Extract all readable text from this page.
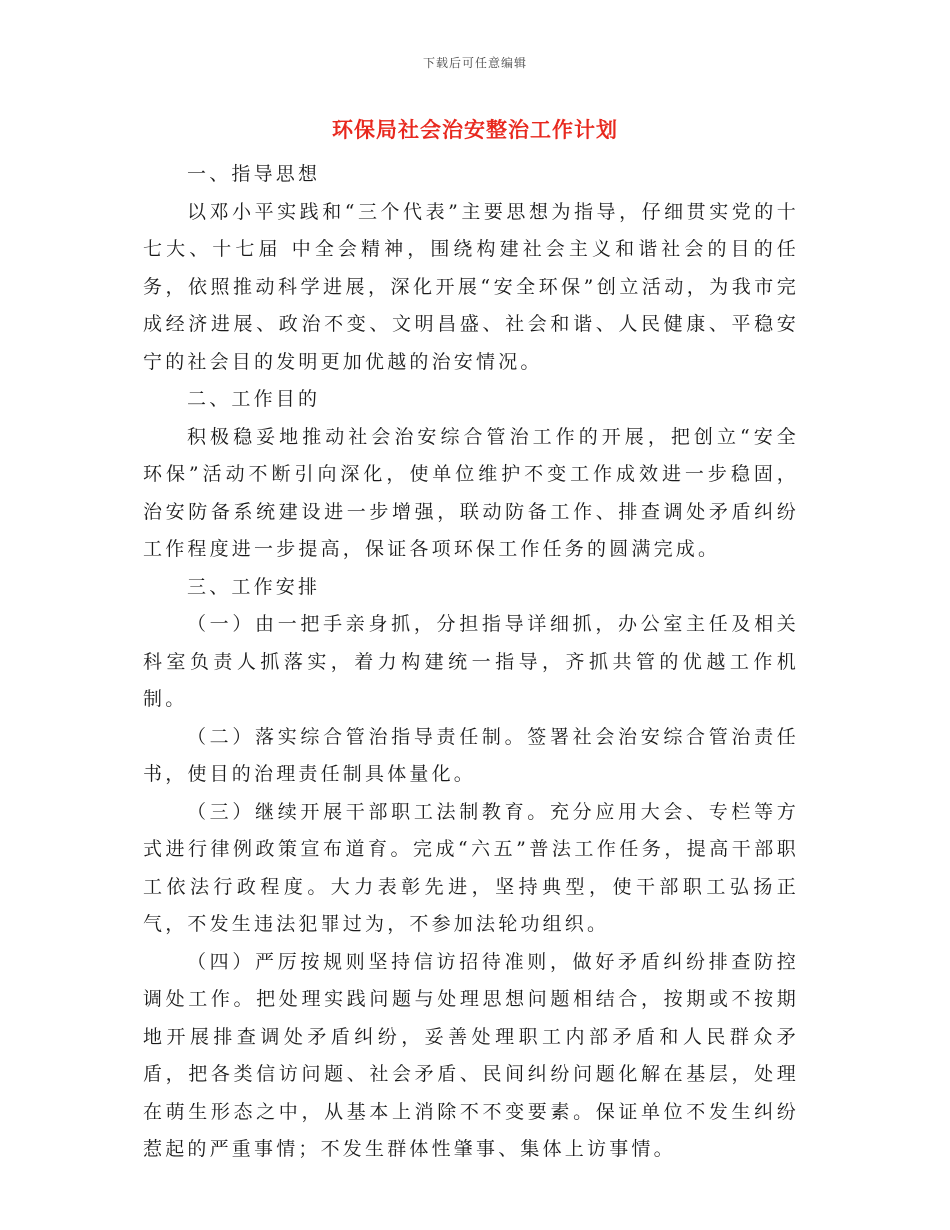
下载后可任意编辑
环保局社会治安整治工作计划

一、指导思想

以邓小平实践和“三个代表”主要思想为指导，仔细贯实党的十七大、十七届 中全会精神，围绕构建社会主义和谐社会的目的任务，依照推动科学进展，深化开展“安全环保”创立活动，为我市完成经济进展、政治不变、文明昌盛、社会和谐、人民健康、平稳安宁的社会目的发明更加优越的治安情况。

二、工作目的

积极稳妥地推动社会治安综合管治工作的开展，把创立“安全环保”活动不断引向深化，使单位维护不变工作成效进一步稳固，治安防备系统建设进一步增强，联动防备工作、排查调处矛盾纠纷工作程度进一步提高，保证各项环保工作任务的圆满完成。

三、工作安排

（一）由一把手亲身抓，分担指导详细抓，办公室主任及相关科室负责人抓落实，着力构建统一指导，齐抓共管的优越工作机制。

（二）落实综合管治指导责任制。签署社会治安综合管治责任书，使目的治理责任制具体量化。

（三）继续开展干部职工法制教育。充分应用大会、专栏等方式进行律例政策宣布道育。完成“六五”普法工作任务，提高干部职工依法行政程度。大力表彰先进，坚持典型，使干部职工弘扬正气，不发生违法犯罪过为，不参加法轮功组织。

（四）严厉按规则坚持信访招待准则，做好矛盾纠纷排查防控调处工作。把处理实践问题与处理思想问题相结合，按期或不按期地开展排查调处矛盾纠纷，妥善处理职工内部矛盾和人民群众矛盾，把各类信访问题、社会矛盾、民间纠纷问题化解在基层，处理在萌生形态之中，从基本上消除不不变要素。保证单位不发生纠纷惹起的严重事情；不发生群体性肇事、集体上访事情。
